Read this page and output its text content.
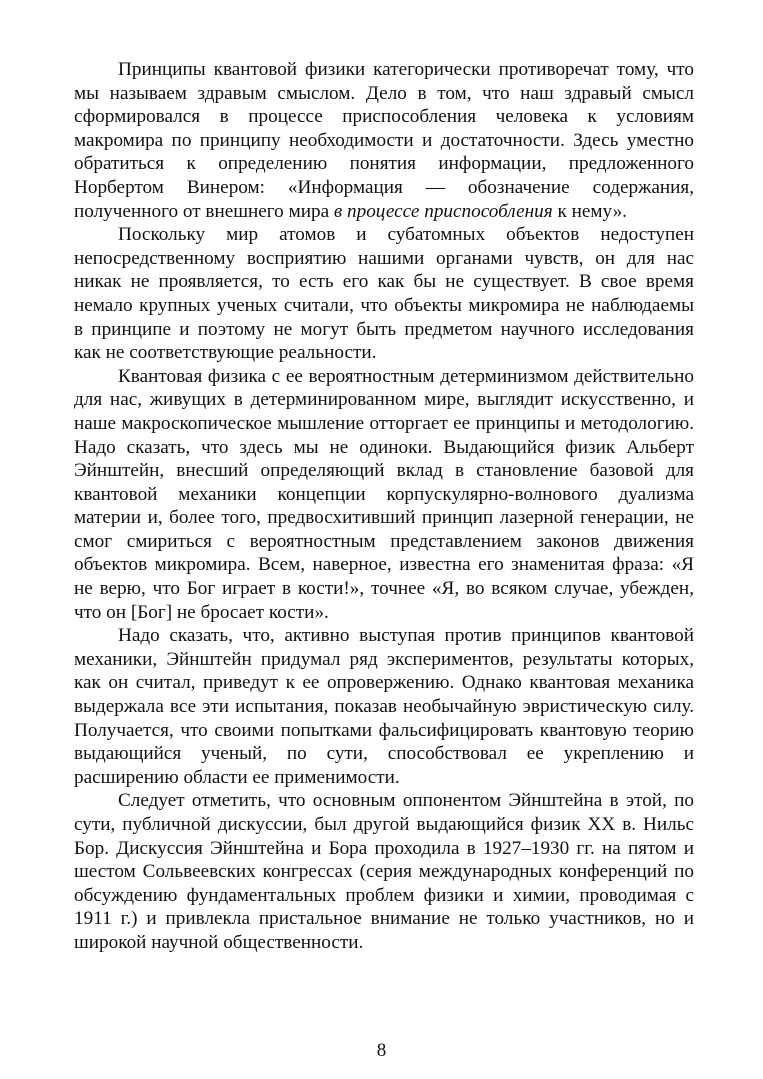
Принципы квантовой физики категорически противоречат тому, что мы называем здравым смыслом. Дело в том, что наш здравый смысл сформировался в процессе приспособления человека к условиям макромира по принципу необходимости и достаточности. Здесь уместно обратиться к определению понятия информации, предложенного Норбертом Винером: «Информация — обозначение содержания, полученного от внешнего мира в процессе приспособления к нему».

Поскольку мир атомов и субатомных объектов недоступен непосредственному восприятию нашими органами чувств, он для нас никак не проявляется, то есть его как бы не существует. В свое время немало крупных ученых считали, что объекты микромира не наблюдаемы в принципе и поэтому не могут быть предметом научного исследования как не соответствующие реальности.

Квантовая физика с ее вероятностным детерминизмом действительно для нас, живущих в детерминированном мире, выглядит искусственно, и наше макроскопическое мышление отторгает ее принципы и методологию. Надо сказать, что здесь мы не одиноки. Выдающийся физик Альберт Эйнштейн, внесший определяющий вклад в становление базовой для квантовой механики концепции корпускулярно-волнового дуализма материи и, более того, предвосхитивший принцип лазерной генерации, не смог смириться с вероятностным представлением законов движения объектов микромира. Всем, наверное, известна его знаменитая фраза: «Я не верю, что Бог играет в кости!», точнее «Я, во всяком случае, убежден, что он [Бог] не бросает кости».

Надо сказать, что, активно выступая против принципов квантовой механики, Эйнштейн придумал ряд экспериментов, результаты которых, как он считал, приведут к ее опровержению. Однако квантовая механика выдержала все эти испытания, показав необычайную эвристическую силу. Получается, что своими попытками фальсифицировать квантовую теорию выдающийся ученый, по сути, способствовал ее укреплению и расширению области ее применимости.

Следует отметить, что основным оппонентом Эйнштейна в этой, по сути, публичной дискуссии, был другой выдающийся физик XX в. Нильс Бор. Дискуссия Эйнштейна и Бора проходила в 1927–1930 гг. на пятом и шестом Сольвеевских конгрессах (серия международных конференций по обсуждению фундаментальных проблем физики и химии, проводимая с 1911 г.) и привлекла пристальное внимание не только участников, но и широкой научной общественности.

8
